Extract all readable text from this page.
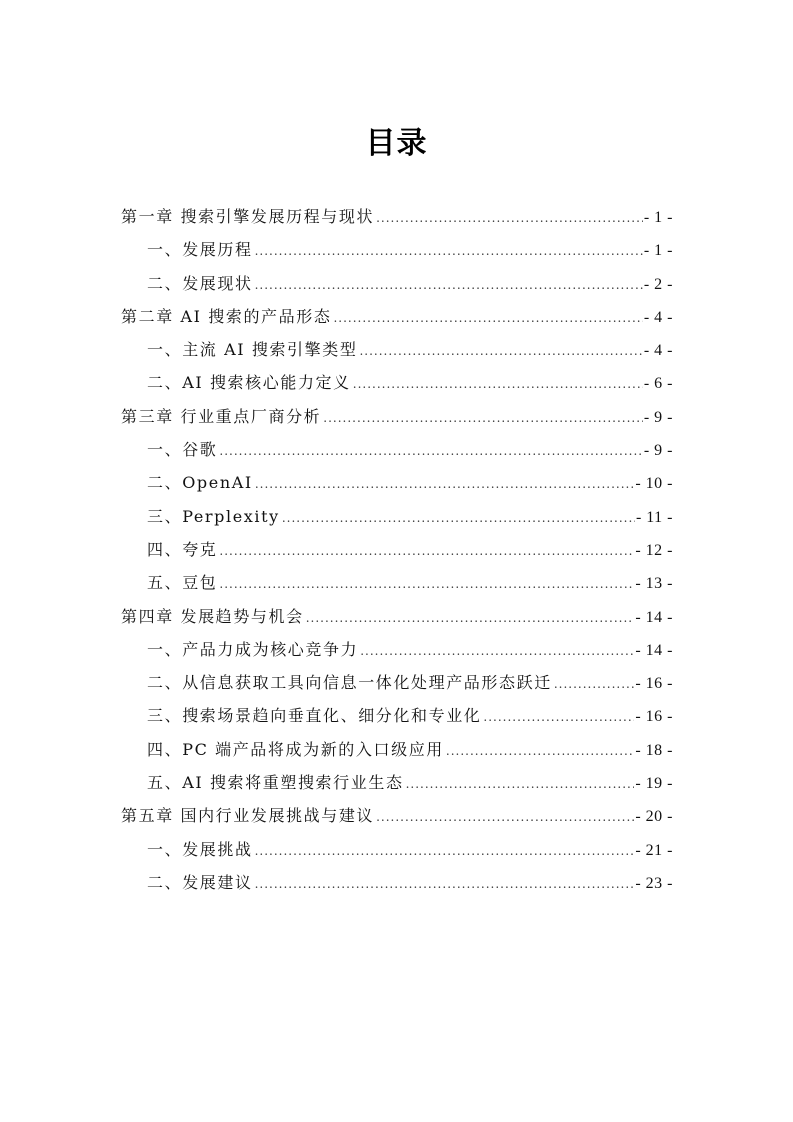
目录
第一章 搜索引擎发展历程与现状 .....	- 1 -
一、发展历程 .....	- 1 -
二、发展现状 .....	- 2 -
第二章 AI 搜索的产品形态 .....	- 4 -
一、主流 AI 搜索引擎类型 .....	- 4 -
二、AI 搜索核心能力定义 .....	- 6 -
第三章 行业重点厂商分析 .....	- 9 -
一、谷歌 .....	- 9 -
二、OpenAI .....	- 10 -
三、Perplexity .....	- 11 -
四、夸克 .....	- 12 -
五、豆包 .....	- 13 -
第四章 发展趋势与机会 .....	- 14 -
一、产品力成为核心竞争力 .....	- 14 -
二、从信息获取工具向信息一体化处理产品形态跃迁 .....	- 16 -
三、搜索场景趋向垂直化、细分化和专业化 .....	- 16 -
四、PC 端产品将成为新的入口级应用 .....	- 18 -
五、AI 搜索将重塑搜索行业生态 .....	- 19 -
第五章 国内行业发展挑战与建议 .....	- 20 -
一、发展挑战 .....	- 21 -
二、发展建议 .....	- 23 -
